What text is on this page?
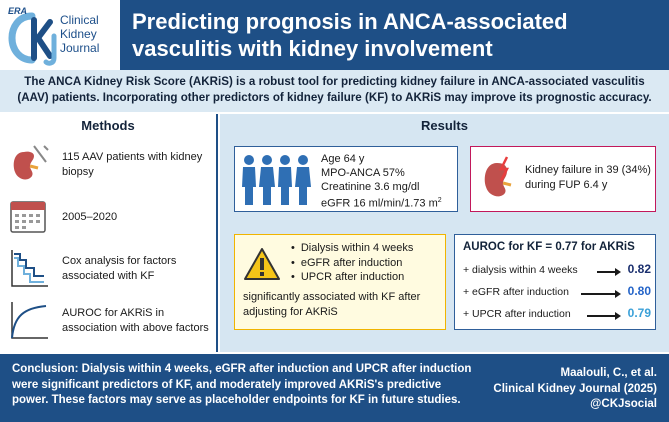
ERA
Clinical
Kidney
Journal
Predicting prognosis in ANCA-associated vasculitis with kidney involvement
The ANCA Kidney Risk Score (AKRiS) is a robust tool for predicting kidney failure in ANCA-associated vasculitis (AAV) patients. Incorporating other predictors of kidney failure (KF) to AKRiS may improve its prognostic accuracy.
Methods
115 AAV patients with kidney biopsy
2005–2020
Cox analysis for factors associated with KF
AUROC for AKRiS in association with above factors
Results
Age 64 y
MPO-ANCA 57%
Creatinine 3.6 mg/dl
eGFR 16 ml/min/1.73 $m^2$
Kidney failure in 39 (34%)
during FUP 6.4 y
• Dialysis within 4 weeks
• eGFR after induction
• UPCR after induction
significantly associated with KF after adjusting for AKRiS
AUROC for KF = 0.77 for AKRiS
+ dialysis within 4 weeks	0.82
+ eGFR after induction	0.80
+ UPCR after induction	0.79
Conclusion: Dialysis within 4 weeks, eGFR after induction and UPCR after induction were significant predictors of KF, and moderately improved AKRiS's predictive power. These factors may serve as placeholder endpoints for KF in future studies.
Maalouli, C., et al.
Clinical Kidney Journal (2025)
@CKJsocial
